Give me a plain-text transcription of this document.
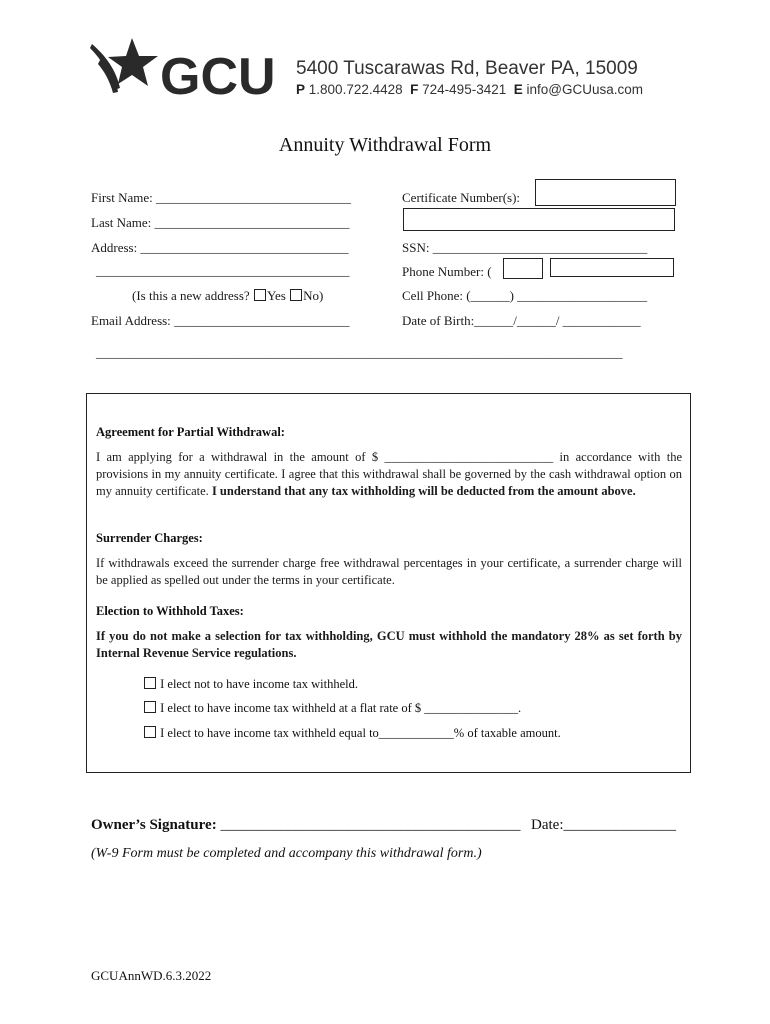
GCU 5400 Tuscarawas Rd, Beaver PA, 15009
P 1.800.722.4428 F 724-495-3421 E info@GCUusa.com
Annuity Withdrawal Form
First Name: ______________________________
Last Name: ______________________________
Address: ________________________________
_______________________________________
(Is this a new address? Yes No)
Email Address: ___________________________
Certificate Number(s):
SSN: _________________________________
Phone Number: (
Cell Phone: (______) ____________________
Date of Birth:______/______/ ____________
_________________________________________________________________________________
Agreement for Partial Withdrawal:
I am applying for a withdrawal in the amount of $ ___________________________ in accordance with the provisions in my annuity certificate. I agree that this withdrawal shall be governed by the cash withdrawal option on my annuity certificate. I understand that any tax withholding will be deducted from the amount above.
Surrender Charges:
If withdrawals exceed the surrender charge free withdrawal percentages in your certificate, a surrender charge will be applied as spelled out under the terms in your certificate.
Election to Withhold Taxes:
If you do not make a selection for tax withholding, GCU must withhold the mandatory 28% as set forth by Internal Revenue Service regulations.
I elect not to have income tax withheld.
I elect to have income tax withheld at a flat rate of $ _______________.
I elect to have income tax withheld equal to____________% of taxable amount.
Owner’s Signature: ________________________________________ Date:_______________
(W-9 Form must be completed and accompany this withdrawal form.)
GCUAnnWD.6.3.2022
